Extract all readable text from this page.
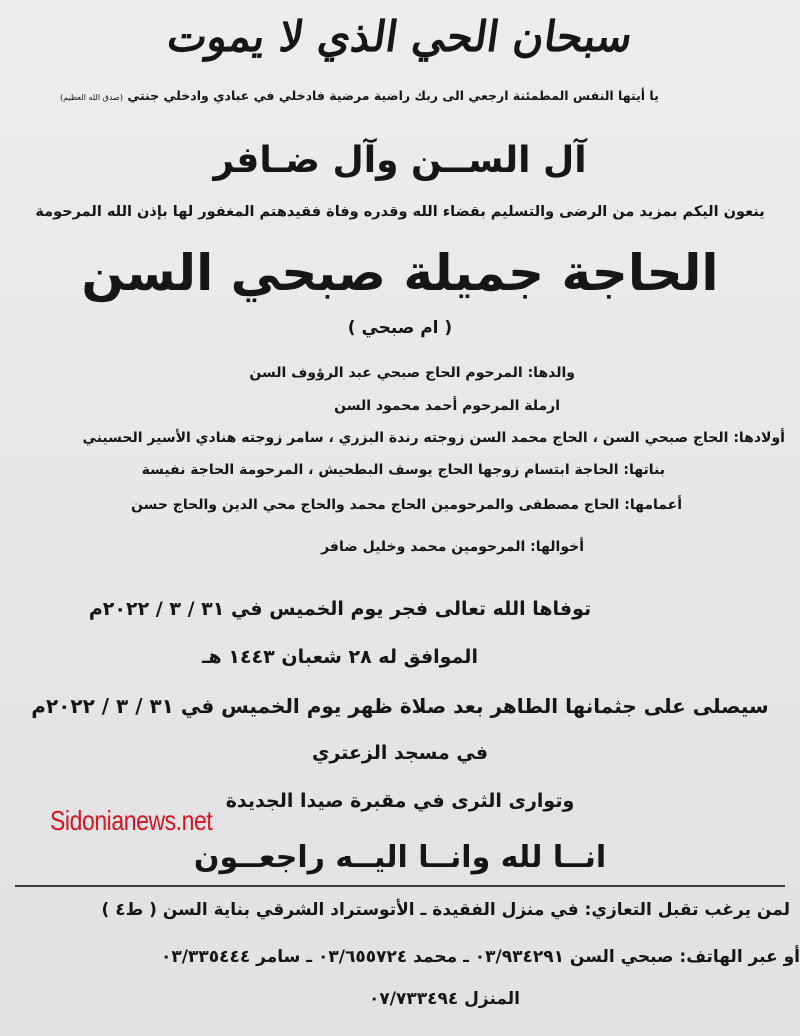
سبحان الحي الذي لا يموت
يا أيتها النفس المطمئنة ارجعي الى ربك راضية مرضية فادخلي في عبادي وادخلي جنتي (صدق الله العظيم)
آل الســن وآل ضـافر
ينعون اليكم بمزيد من الرضى والتسليم بقضاء الله وقدره وفاة فقيدهتم المغفور لها بإذن الله المرحومة
الحاجة جميلة صبحي السن
( ام صبحي )
والدها: المرحوم الحاج صبحي عبد الرؤوف السن
ارملة المرحوم أحمد محمود السن
أولادها: الحاج صبحي السن ، الحاج محمد السن زوجته رندة البزري ، سامر زوجته هنادي الأسير الحسيني
بناتها: الحاجة ابتسام زوجها الحاج يوسف البطحيش ، المرحومة الحاجة نفيسة
أعمامها: الحاج مصطفى والمرحومين الحاج محمد والحاج محي الدين والحاج حسن
أخوالها: المرحومين محمد وخليل ضافر
توفاها الله تعالى فجر يوم الخميس في ٣١ / ٣ / ٢٠٢٢م
الموافق له ٢٨ شعبان ١٤٤٣ هـ
سيصلى على جثمانها الطاهر بعد صلاة ظهر يوم الخميس في ٣١ / ٣ / ٢٠٢٢م
في مسجد الزعتري
وتوارى الثرى في مقبرة صيدا الجديدة
Sidonianews.net
انــا لله وانــا اليــه راجعــون
لمن يرغب تقبل التعازي: في منزل الفقيدة ـ الأتوستراد الشرقي بناية السن ( ط٤ )
أو عبر الهاتف: صبحي السن ٠٣/٩٣٤٢٩١ ـ محمد ٠٣/٦٥٥٧٢٤ ـ سامر ٠٣/٣٣٥٤٤٤
المنزل ٠٧/٧٣٣٤٩٤
